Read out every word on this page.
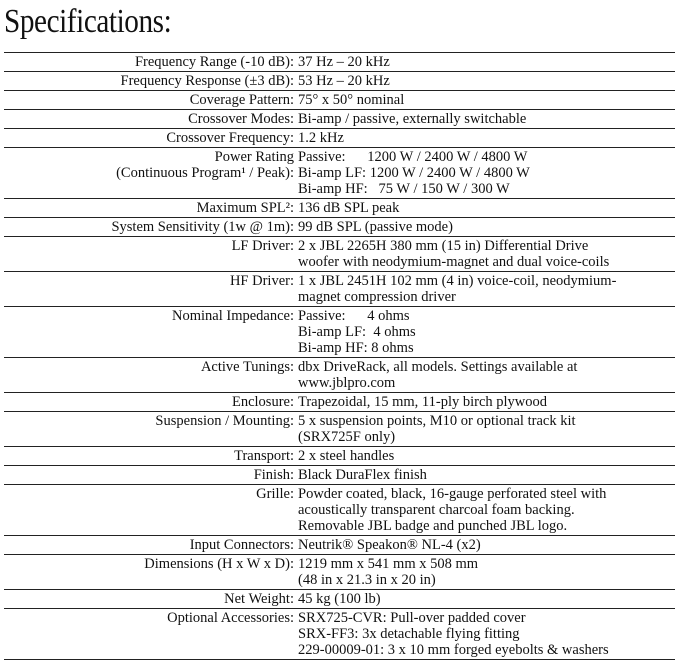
Specifications:
Frequency Range (-10 dB):	37 Hz – 20 kHz

Frequency Response (±3 dB):	53 Hz – 20 kHz

Coverage Pattern:	75° x 50° nominal

Crossover Modes:	Bi-amp / passive, externally switchable

Crossover Frequency:	1.2 kHz

Power Rating
(Continuous Program¹ / Peak):	Passive:      1200 W / 2400 W / 4800 W
Bi-amp LF: 1200 W / 2400 W / 4800 W
Bi-amp HF:   75 W / 150 W / 300 W

Maximum SPL²:	136 dB SPL peak

System Sensitivity (1w @ 1m):	99 dB SPL (passive mode)

LF Driver:	2 x JBL 2265H 380 mm (15 in) Differential Drive
woofer with neodymium-magnet and dual voice-coils

HF Driver:	1 x JBL 2451H 102 mm (4 in) voice-coil, neodymium-
magnet compression driver

Nominal Impedance:	Passive:      4 ohms
Bi-amp LF:  4 ohms
Bi-amp HF: 8 ohms

Active Tunings:	dbx DriveRack, all models. Settings available at
www.jblpro.com

Enclosure:	Trapezoidal, 15 mm, 11-ply birch plywood

Suspension / Mounting:	5 x suspension points, M10 or optional track kit
(SRX725F only)

Transport:	2 x steel handles

Finish:	Black DuraFlex finish

Grille:	Powder coated, black, 16-gauge perforated steel with
acoustically transparent charcoal foam backing.
Removable JBL badge and punched JBL logo.

Input Connectors:	Neutrik® Speakon® NL-4 (x2)

Dimensions (H x W x D):	1219 mm x 541 mm x 508 mm
(48 in x 21.3 in x 20 in)

Net Weight:	45 kg (100 lb)

Optional Accessories:	SRX725-CVR: Pull-over padded cover
SRX-FF3: 3x detachable flying fitting
229-00009-01: 3 x 10 mm forged eyebolts & washers
